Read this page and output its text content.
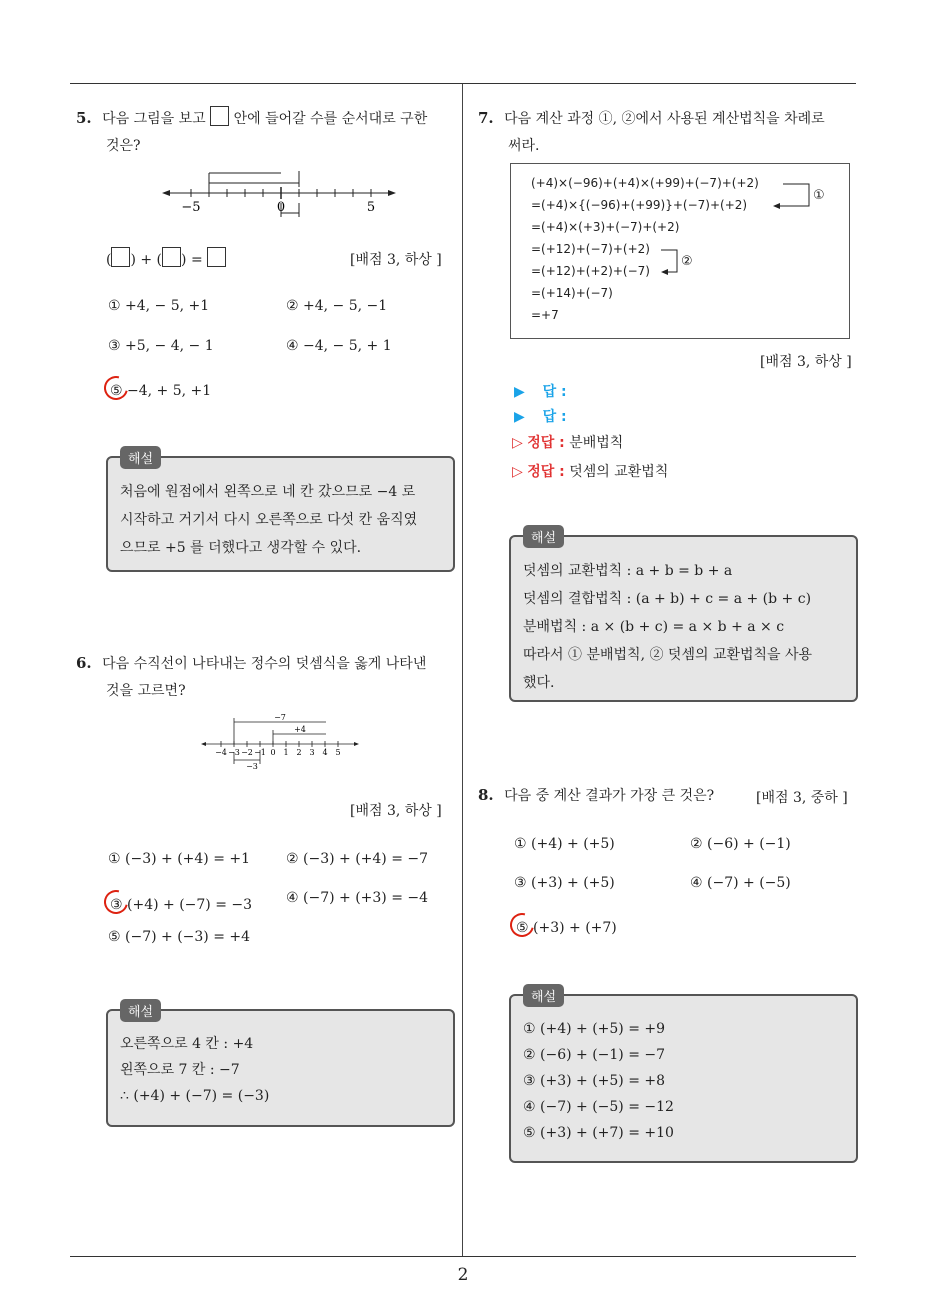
2
5. 다음 그림을 보고 안에 들어갈 수를 순서대로 구한
것은?
−5	0	5
( ) + ( ) =	[배점 3, 하상 ]
① +4, − 5, +1	② +4, − 5, −1
③ +5, − 4, − 1	④ −4, − 5, + 1
⑤ −4, + 5, +1
해설
처음에 원점에서 왼쪽으로 네 칸 갔으므로 −4 로
시작하고 거기서 다시 오른쪽으로 다섯 칸 움직였
으므로 +5 를 더했다고 생각할 수 있다.
6. 다음 수직선이 나타내는 정수의 덧셈식을 옳게 나타낸
것을 고르면?
−7
+4
−3
−4 −3 −2 −1 0 1 2 3 4 5
[배점 3, 하상 ]
① (−3) + (+4) = +1	② (−3) + (+4) = −7
③ (+4) + (−7) = −3 ④ (−7) + (+3) = −4
⑤ (−7) + (−3) = +4
해설
오른쪽으로 4 칸 : +4
왼쪽으로 7 칸 : −7
∴ (+4) + (−7) = (−3)
7. 다음 계산 과정 ①, ②에서 사용된 계산법칙을 차례로
써라.
(+4)×(−96)+(+4)×(+99)+(−7)+(+2)
=(+4)×{(−96)+(+99)}+(−7)+(+2)
=(+4)×(+3)+(−7)+(+2)
=(+12)+(−7)+(+2)
=(+12)+(+2)+(−7)
=(+14)+(−7)
=+7
①
②
[배점 3, 하상 ]
▶ 답 :
▶ 답 :
▷ 정답 : 분배법칙
▷ 정답 : 덧셈의 교환법칙
해설
덧셈의 교환법칙 : a + b = b + a
덧셈의 결합법칙 : (a + b) + c = a + (b + c)
분배법칙 : a × (b + c) = a × b + a × c
따라서 ① 분배법칙, ② 덧셈의 교환법칙을 사용
했다.
8. 다음 중 계산 결과가 가장 큰 것은?	[배점 3, 중하 ]
① (+4) + (+5)	② (−6) + (−1)
③ (+3) + (+5)	④ (−7) + (−5)
⑤ (+3) + (+7)
해설
① (+4) + (+5) = +9
② (−6) + (−1) = −7
③ (+3) + (+5) = +8
④ (−7) + (−5) = −12
⑤ (+3) + (+7) = +10
